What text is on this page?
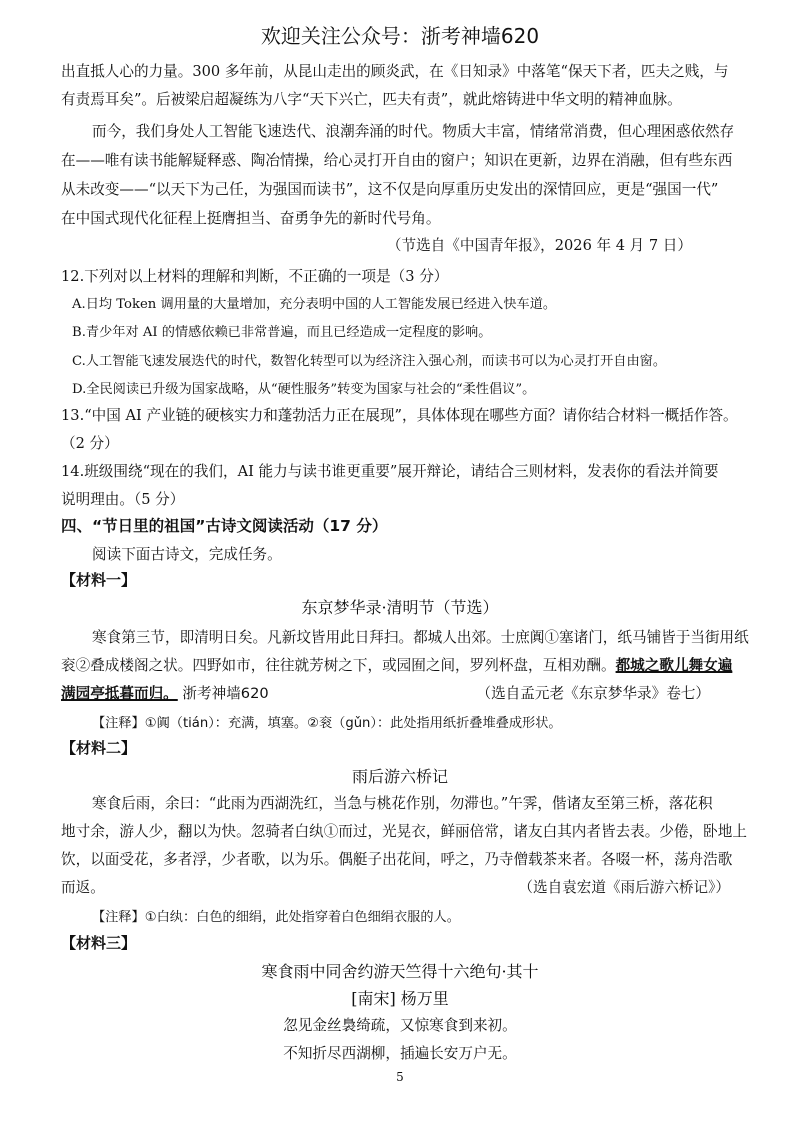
欢迎关注公众号：浙考神墙620
出直抵人心的力量。300 多年前，从昆山走出的顾炎武，在《日知录》中落笔“保天下者，匹夫之贱，与
有责焉耳矣”。后被梁启超凝练为八字“天下兴亡，匹夫有责”，就此熔铸进中华文明的精神血脉。
而今，我们身处人工智能飞速迭代、浪潮奔涌的时代。物质大丰富，情绪常消费，但心理困惑依然存
在——唯有读书能解疑释惑、陶冶情操，给心灵打开自由的窗户；知识在更新，边界在消融，但有些东西
从未改变——“以天下为己任，为强国而读书”，这不仅是向厚重历史发出的深情回应，更是“强国一代”
在中国式现代化征程上挺膺担当、奋勇争先的新时代号角。
（节选自《中国青年报》，2026 年 4 月 7 日）
12.下列对以上材料的理解和判断，不正确的一项是（3 分）
A.日均 Token 调用量的大量增加，充分表明中国的人工智能发展已经进入快车道。
B.青少年对 AI 的情感依赖已非常普遍，而且已经造成一定程度的影响。
C.人工智能飞速发展迭代的时代，数智化转型可以为经济注入强心剂，而读书可以为心灵打开自由窗。
D.全民阅读已升级为国家战略，从“硬性服务”转变为国家与社会的“柔性倡议”。
13.“中国 AI 产业链的硬核实力和蓬勃活力正在展现”，具体体现在哪些方面？请你结合材料一概括作答。
（2 分）
14.班级围绕“现在的我们，AI 能力与读书谁更重要”展开辩论，请结合三则材料，发表你的看法并简要
说明理由。（5 分）
四、“节日里的祖国”古诗文阅读活动（17 分）
阅读下面古诗文，完成任务。
【材料一】
东京梦华录·清明节（节选）
寒食第三节，即清明日矣。凡新坟皆用此日拜扫。都城人出郊。士庶阗①塞诸门，纸马铺皆于当街用纸
衮②叠成楼阁之状。四野如市，往往就芳树之下，或园囿之间，罗列杯盘，互相劝酬。都城之歌儿舞女遍
满园亭抵暮而归。 浙考神墙620	（选自孟元老《东京梦华录》卷七）
【注释】①阗（tián）：充满，填塞。②衮（gǔn）：此处指用纸折叠堆叠成形状。
【材料二】
雨后游六桥记
寒食后雨，余曰：“此雨为西湖洗红，当急与桃花作别，勿滞也。”午霁，偕诸友至第三桥，落花积
地寸余，游人少，翻以为快。忽骑者白纨①而过，光晃衣，鲜丽倍常，诸友白其内者皆去表。少倦，卧地上
饮，以面受花，多者浮，少者歌，以为乐。偶艇子出花间，呼之，乃寺僧载茶来者。各啜一杯，荡舟浩歌
而返。	（选自袁宏道《雨后游六桥记》）
【注释】①白纨：白色的细绢，此处指穿着白色细绢衣服的人。
【材料三】
寒食雨中同舍约游天竺得十六绝句·其十
[南宋] 杨万里
忽见金丝裊绮疏，又惊寒食到来初。
不知折尽西湖柳，插遍长安万户无。
5
